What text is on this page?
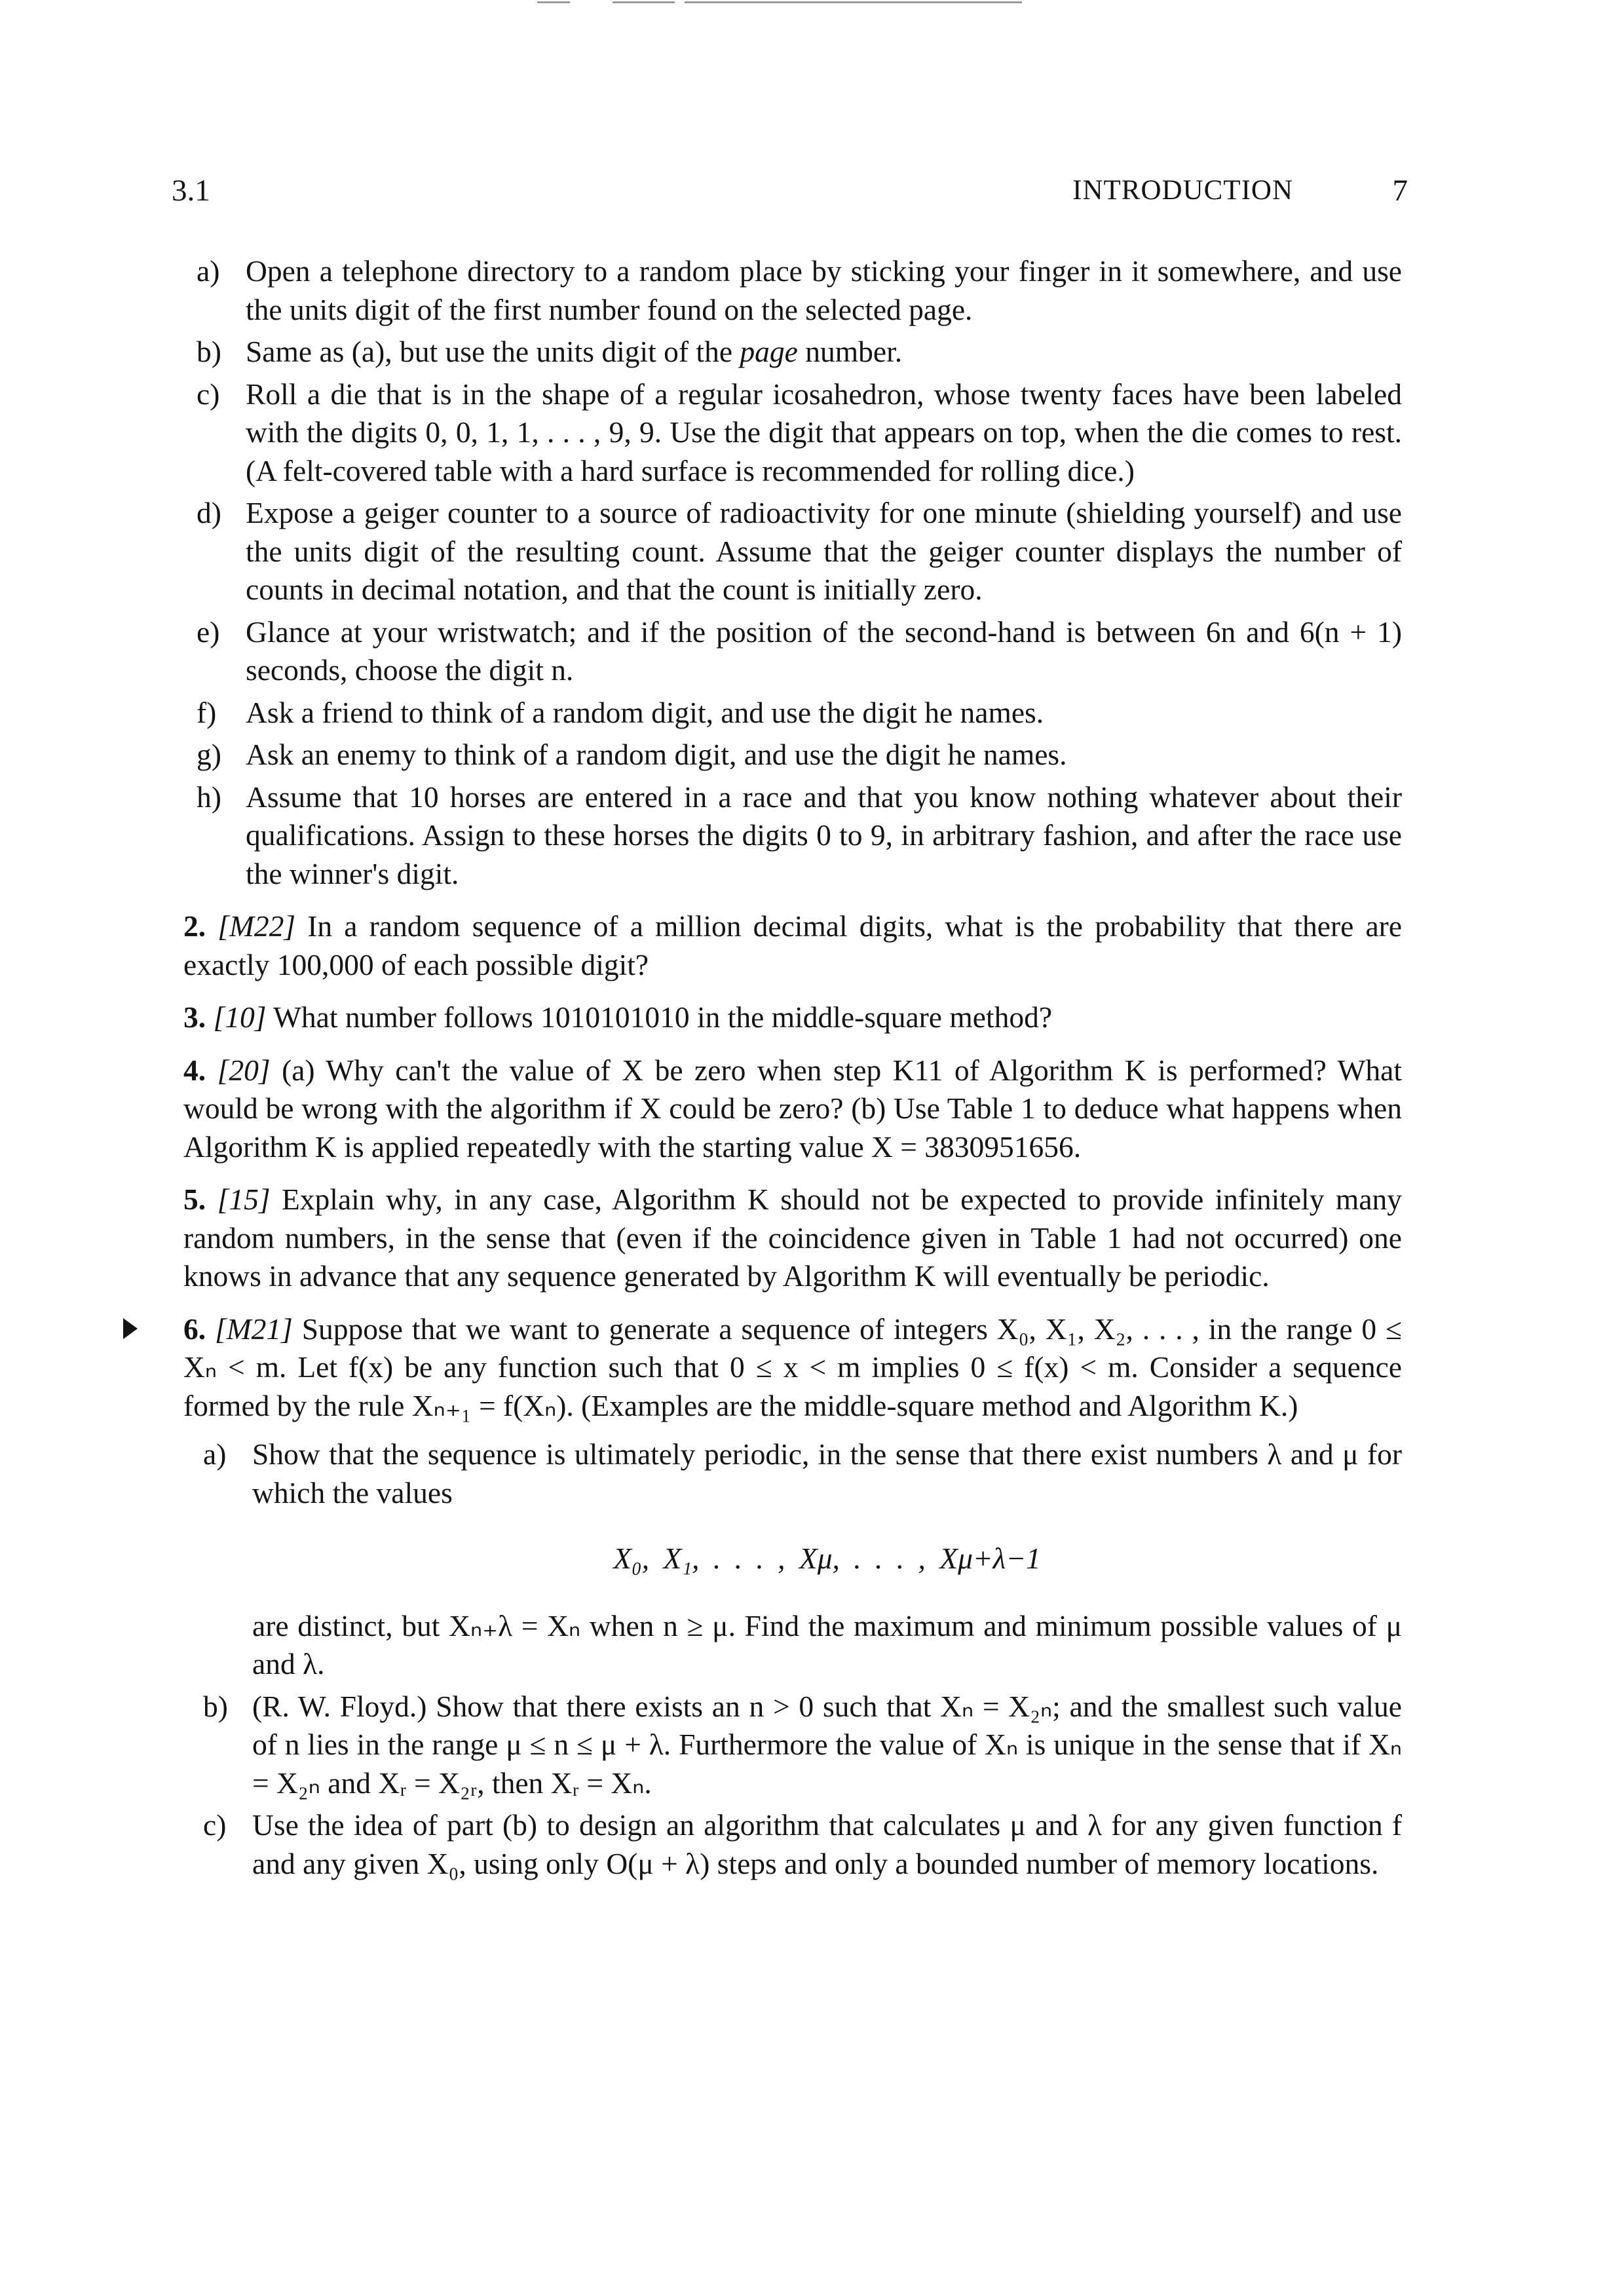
3.1	INTRODUCTION	7
a) Open a telephone directory to a random place by sticking your finger in it somewhere, and use the units digit of the first number found on the selected page.
b) Same as (a), but use the units digit of the page number.
c) Roll a die that is in the shape of a regular icosahedron, whose twenty faces have been labeled with the digits 0, 0, 1, 1, . . . , 9, 9. Use the digit that appears on top, when the die comes to rest. (A felt-covered table with a hard surface is recommended for rolling dice.)
d) Expose a geiger counter to a source of radioactivity for one minute (shielding yourself) and use the units digit of the resulting count. Assume that the geiger counter displays the number of counts in decimal notation, and that the count is initially zero.
e) Glance at your wristwatch; and if the position of the second-hand is between 6n and 6(n + 1) seconds, choose the digit n.
f) Ask a friend to think of a random digit, and use the digit he names.
g) Ask an enemy to think of a random digit, and use the digit he names.
h) Assume that 10 horses are entered in a race and that you know nothing whatever about their qualifications. Assign to these horses the digits 0 to 9, in arbitrary fashion, and after the race use the winner's digit.
2. [M22] In a random sequence of a million decimal digits, what is the probability that there are exactly 100,000 of each possible digit?
3. [10] What number follows 1010101010 in the middle-square method?
4. [20] (a) Why can't the value of X be zero when step K11 of Algorithm K is performed? What would be wrong with the algorithm if X could be zero? (b) Use Table 1 to deduce what happens when Algorithm K is applied repeatedly with the starting value X = 3830951656.
5. [15] Explain why, in any case, Algorithm K should not be expected to provide infinitely many random numbers, in the sense that (even if the coincidence given in Table 1 had not occurred) one knows in advance that any sequence generated by Algorithm K will eventually be periodic.
6. [M21] Suppose that we want to generate a sequence of integers X₀, X₁, X₂, . . . , in the range 0 ≤ Xₙ < m. Let f(x) be any function such that 0 ≤ x < m implies 0 ≤ f(x) < m. Consider a sequence formed by the rule Xₙ₊₁ = f(Xₙ). (Examples are the middle-square method and Algorithm K.)
a) Show that the sequence is ultimately periodic, in the sense that there exist numbers λ and μ for which the values
X₀, X₁, . . . , Xμ, . . . , Xμ+λ−1
are distinct, but Xₙ₊λ = Xₙ when n ≥ μ. Find the maximum and minimum possible values of μ and λ.
b) (R. W. Floyd.) Show that there exists an n > 0 such that Xₙ = X₂ₙ; and the smallest such value of n lies in the range μ ≤ n ≤ μ + λ. Furthermore the value of Xₙ is unique in the sense that if Xₙ = X₂ₙ and Xᵣ = X₂ᵣ, then Xᵣ = Xₙ.
c) Use the idea of part (b) to design an algorithm that calculates μ and λ for any given function f and any given X₀, using only O(μ + λ) steps and only a bounded number of memory locations.
